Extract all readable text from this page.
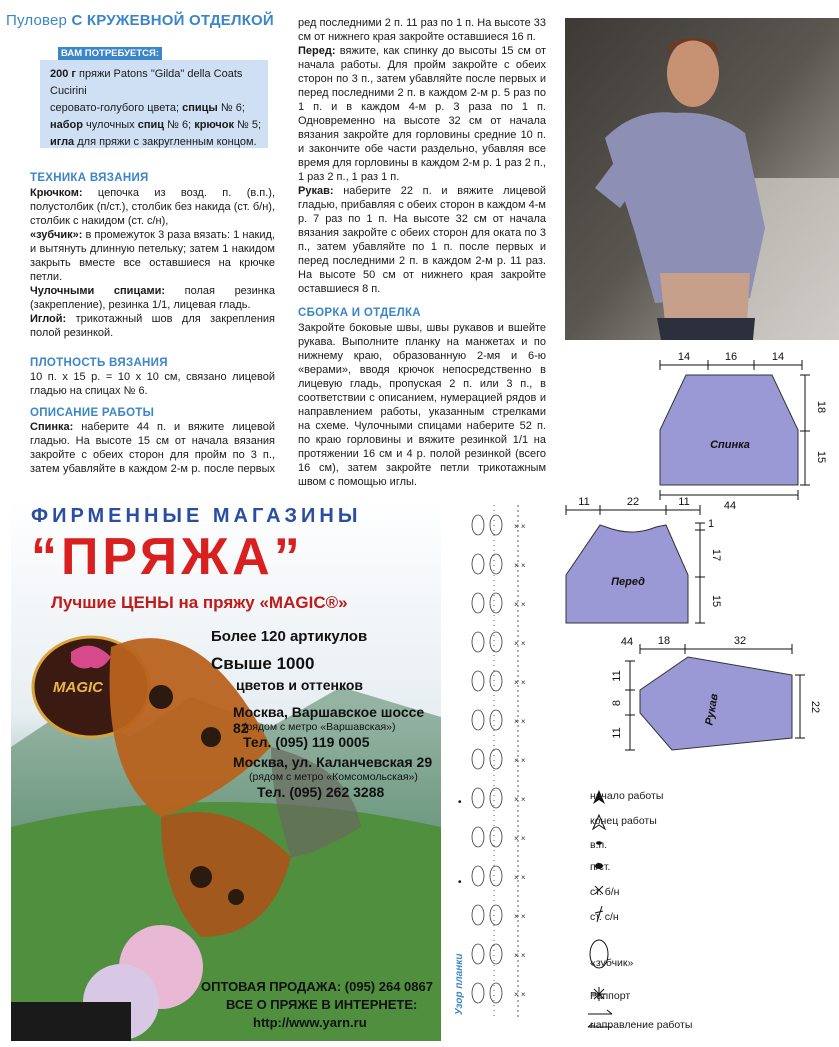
Пуловер С КРУЖЕВНОЙ ОТДЕЛКОЙ
ВАМ ПОТРЕБУЕТСЯ:
200 г пряжи Patons "Gilda" della Coats Cucirini
серовато-голубого цвета; спицы № 6;
набор чулочных спиц № 6; крючок № 5;
игла для пряжи с закругленным концом.
ТЕХНИКА ВЯЗАНИЯ
Крючком: цепочка из возд. п. (в.п.), полустолбик (п/ст.), столбик без накида (ст. б/н), столбик с накидом (ст. с/н),
«зубчик»: в промежуток 3 раза вязать: 1 накид, и вытянуть длинную петельку; затем 1 накидом закрыть вместе все оставшиеся на крючке петли.
Чулочными спицами: полая резинка (закрепление), резинка 1/1, лицевая гладь.
Иглой: трикотажный шов для закрепления полой резинкой.
ПЛОТНОСТЬ ВЯЗАНИЯ
10 п. х 15 р. = 10 х 10 см, связано лицевой гладью на спицах № 6.
ОПИСАНИЕ РАБОТЫ
Спинка: наберите 44 п. и вяжите лицевой гладью. На высоте 15 см от начала вязания закройте с обеих сторон для пройм по 3 п., затем убавляйте в каждом 2-м р. после первых
ред последними 2 п. 11 раз по 1 п. На высоте 33 см от нижнего края закройте оставшиеся 16 п.
Перед: вяжите, как спинку до высоты 15 см от начала работы. Для пройм закройте с обеих сторон по 3 п., затем убавляйте после первых и перед последними 2 п. в каждом 2-м р. 5 раз по 1 п. и в каждом 4-м р. 3 раза по 1 п. Одновременно на высоте 32 см от начала вязания закройте для горловины средние 10 п. и закончите обе части раздельно, убавляя все время для горловины в каждом 2-м р. 1 раз 2 п., 1 раз 2 п., 1 раз 1 п.
Рукав: наберите 22 п. и вяжите лицевой гладью, прибавляя с обеих сторон в каждом 4-м р. 7 раз по 1 п. На высоте 32 см от начала вязания закройте с обеих сторон для оката по 3 п., затем убавляйте по 1 п. после первых и перед последними 2 п. в каждом 2-м р. 11 раз. На высоте 50 см от нижнего края закройте оставшиеся 8 п.
СБОРКА И ОТДЕЛКА
Закройте боковые швы, швы рукавов и вшейте рукава. Выполните планку на манжетах и по нижнему краю, образованную 2-мя и 6-ю «верами», вводя крючок непосредственно в лицевую гладь, пропуская 2 п. или 3 п., в соответствии с описанием, нумерацией рядов и направлением работы, указанным стрелками на схеме. Чулочными спицами наберите 52 п. по краю горловины и вяжите резинкой 1/1 на протяжении 16 см и 4 р. полой резинкой (всего 16 см), затем закройте петли трикотажным швом с помощью иглы.
14	16	14
18
15
Спинка
44
11	22	11
1
17
15
Перед
44 18	32
11
8
11
22
Рукав
× ×
× ×
× ×
× ×
× ×
× ×
× ×
× ×
× ×
× ×
× ×
× ×
× ×
Узор планки
•
•
начало работы
конец работы
в.п.
п/ст.
ст. б/н
ст. с/н
«зубчик»
Раппорт
направление работы
ФИРМЕННЫЕ МАГАЗИНЫ
“ПРЯЖА”
Лучшие ЦЕНЫ на пряжу «MAGIC®»
Более 120 артикулов
Свыше 1000
цветов и оттенков
Москва, Варшавское шоссе 82
(рядом с метро «Варшавская»)
Тел. (095) 119 0005
Москва, ул. Каланчевская 29
(рядом с метро «Комсомольская»)
Тел. (095) 262 3288
MAGIC
ОПТОВАЯ ПРОДАЖА: (095) 264 0867
ВСЕ О ПРЯЖЕ В ИНТЕРНЕТЕ:
http://www.yarn.ru
